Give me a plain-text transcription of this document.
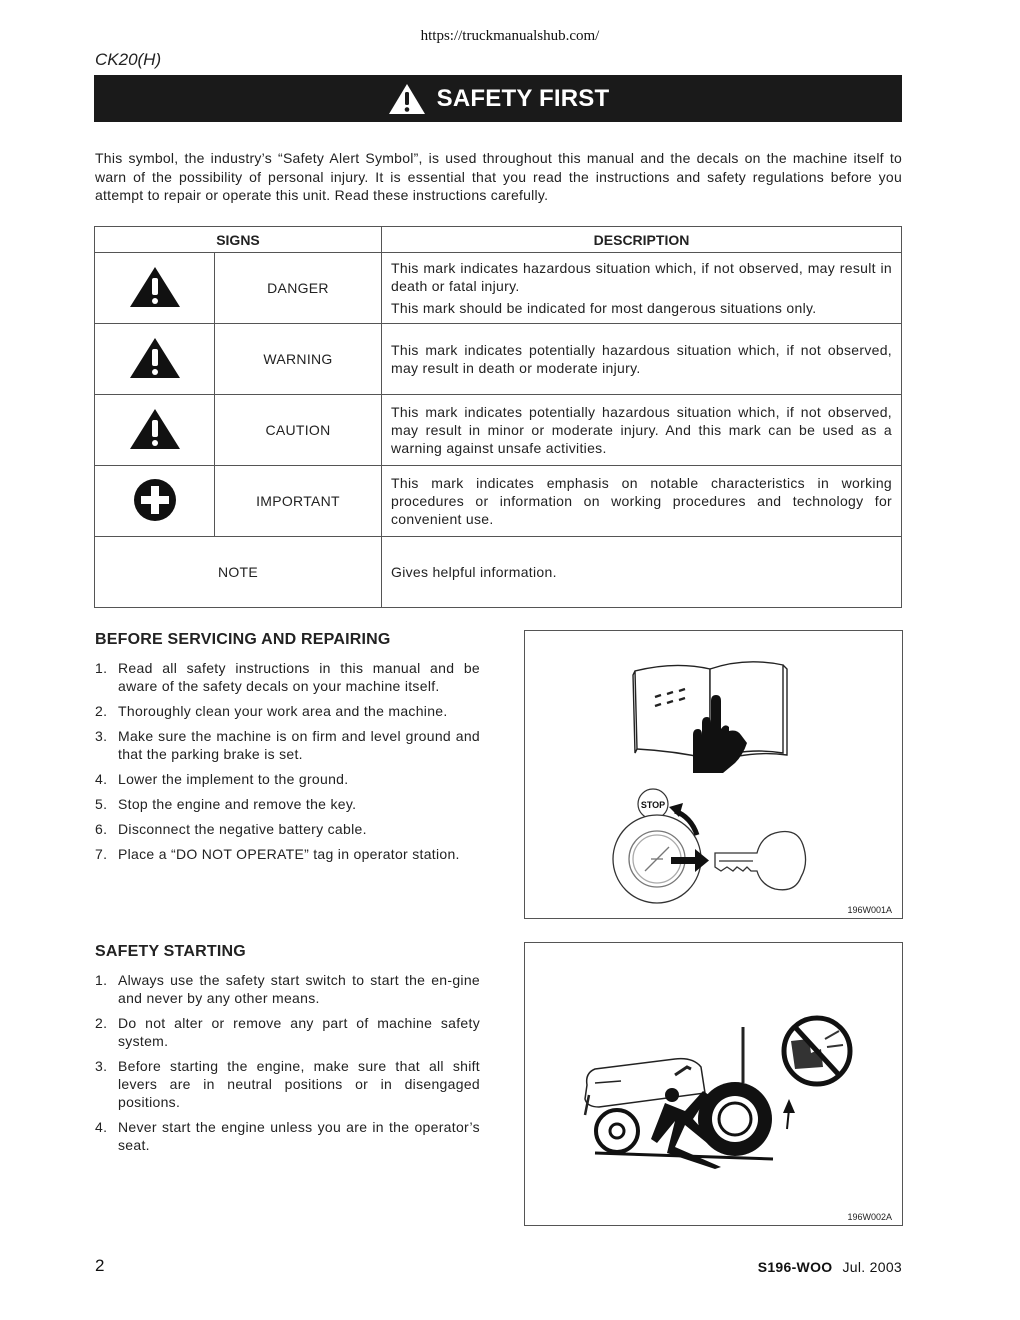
https://truckmanualshub.com/
CK20(H)
SAFETY FIRST

This symbol, the industry’s “Safety Alert Symbol”, is used throughout this manual and the decals on the machine itself to warn of the possibility of personal injury. It is essential that you read the instructions and safety regulations before you attempt to repair or operate this unit. Read these instructions carefully.

SIGNS		DESCRIPTION
	DANGER	This mark indicates hazardous situation which, if not observed, may result in death or fatal injury.

This mark should be indicated for most dangerous situations only.

	WARNING	This mark indicates potentially hazardous situation which, if not observed, may result in death or moderate injury.

	CAUTION	This mark indicates potentially hazardous situation which, if not observed, may result in minor or moderate injury. And this mark can be used as a warning against unsafe activities.

	IMPORTANT	This mark indicates emphasis on notable characteristics in working procedures or information on working procedures and technology for convenient use.

NOTE		Gives helpful information.

BEFORE SERVICING AND REPAIRING
1. Read all safety instructions in this manual and be aware of the safety decals on your machine itself.
2. Thoroughly clean your work area and the machine.
3. Make sure the machine is on firm and level ground and that the parking brake is set.
4. Lower the implement to the ground.
5. Stop the engine and remove the key.
6. Disconnect the negative battery cable.
7. Place a “DO NOT OPERATE” tag in operator station.
STOP
196W001A
SAFETY STARTING
1. Always use the safety start switch to start the en-gine and never by any other means.
2. Do not alter or remove any part of machine safety system.
3. Before starting the engine, make sure that all shift levers are in neutral positions or in disengaged positions.
4. Never start the engine unless you are in the operator’s seat.
196W002A
2	S196-WOO Jul. 2003
